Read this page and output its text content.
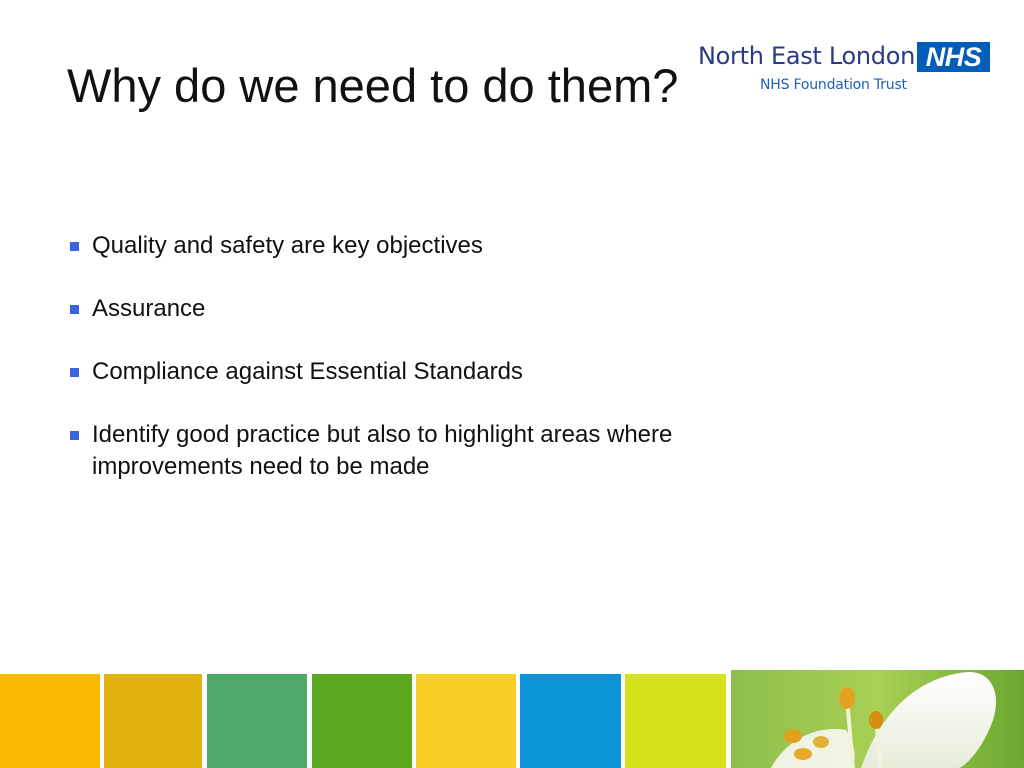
Why do we need to do them?
North East London
NHS Foundation Trust
NHS
Quality and safety are key objectives
Assurance
Compliance against Essential Standards
Identify good practice but also to highlight areas where improvements need to be made
